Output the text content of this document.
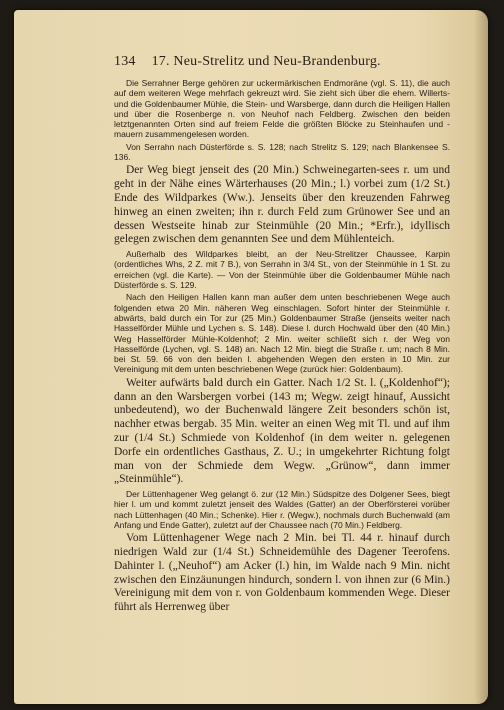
134 17. Neu-Strelitz und Neu-Brandenburg.

Die Serrahner Berge gehören zur uckermärkischen Endmoräne (vgl. S. 11), die auch auf dem weiteren Wege mehrfach gekreuzt wird. Sie zieht sich über die ehem. Willerts- und die Goldenbaumer Mühle, die Stein- und Warsberge, dann durch die Heiligen Hallen und über die Rosenberge n. von Neuhof nach Feldberg. Zwischen den beiden letztgenannten Orten sind auf freiem Felde die größten Blöcke zu Steinhaufen und -mauern zusammengelesen worden.

Von Serrahn nach Düsterförde s. S. 128; nach Strelitz S. 129; nach Blankensee S. 136.

Der Weg biegt jenseit des (20 Min.) Schweinegarten-sees r. um und geht in der Nähe eines Wärterhauses (20 Min.; l.) vorbei zum (1/2 St.) Ende des Wildparkes (Ww.). Jenseits über den kreuzenden Fahrweg hinweg an einen zweiten; ihn r. durch Feld zum Grünower See und an dessen Westseite hinab zur Steinmühle (20 Min.; *Erfr.), idyllisch gelegen zwischen dem genannten See und dem Mühlenteich.

Außerhalb des Wildparkes bleibt, an der Neu-Strelitzer Chaussee, Karpin (ordentliches Whs, 2 Z. mit 7 B.), von Serrahn in 3/4 St., von der Steinmühle in 1 St. zu erreichen (vgl. die Karte). — Von der Steinmühle über die Goldenbaumer Mühle nach Düsterförde s. S. 129.

Nach den Heiligen Hallen kann man außer dem unten beschriebenen Wege auch folgenden etwa 20 Min. näheren Weg einschlagen. Sofort hinter der Steinmühle r. abwärts, bald durch ein Tor zur (25 Min.) Goldenbaumer Straße (jenseits weiter nach Hasselförder Mühle und Lychen s. S. 148). Diese l. durch Hochwald über den (40 Min.) Weg Hasselförder Mühle-Koldenhof; 2 Min. weiter schließt sich r. der Weg von Hasselförde (Lychen, vgl. S. 148) an. Nach 12 Min. biegt die Straße r. um; nach 8 Min. bei St. 59. 66 von den beiden l. abgehenden Wegen den ersten in 10 Min. zur Vereinigung mit dem unten beschriebenen Wege (zurück hier: Goldenbaum).

Weiter aufwärts bald durch ein Gatter. Nach 1/2 St. l. („Koldenhof“); dann an den Warsbergen vorbei (143 m; Wegw. zeigt hinauf, Aussicht unbedeutend), wo der Buchenwald längere Zeit besonders schön ist, nachher etwas bergab. 35 Min. weiter an einen Weg mit Tl. und auf ihm zur (1/4 St.) Schmiede von Koldenhof (in dem weiter n. gelegenen Dorfe ein ordentliches Gasthaus, Z. U.; in umgekehrter Richtung folgt man von der Schmiede dem Wegw. „Grünow“, dann immer „Steinmühle“).

Der Lüttenhagener Weg gelangt ö. zur (12 Min.) Südspitze des Dolgener Sees, biegt hier l. um und kommt zuletzt jenseit des Waldes (Gatter) an der Oberförsterei vorüber nach Lüttenhagen (40 Min.; Schenke). Hier r. (Wegw.), nochmals durch Buchenwald (am Anfang und Ende Gatter), zuletzt auf der Chaussee nach (70 Min.) Feldberg.

Vom Lüttenhagener Wege nach 2 Min. bei Tl. 44 r. hinauf durch niedrigen Wald zur (1/4 St.) Schneidemühle des Dagener Teerofens. Dahinter l. („Neuhof“) am Acker (l.) hin, im Walde nach 9 Min. nicht zwischen den Einzäunungen hindurch, sondern l. von ihnen zur (6 Min.) Vereinigung mit dem von r. von Goldenbaum kommenden Wege. Dieser führt als Herrenweg über
